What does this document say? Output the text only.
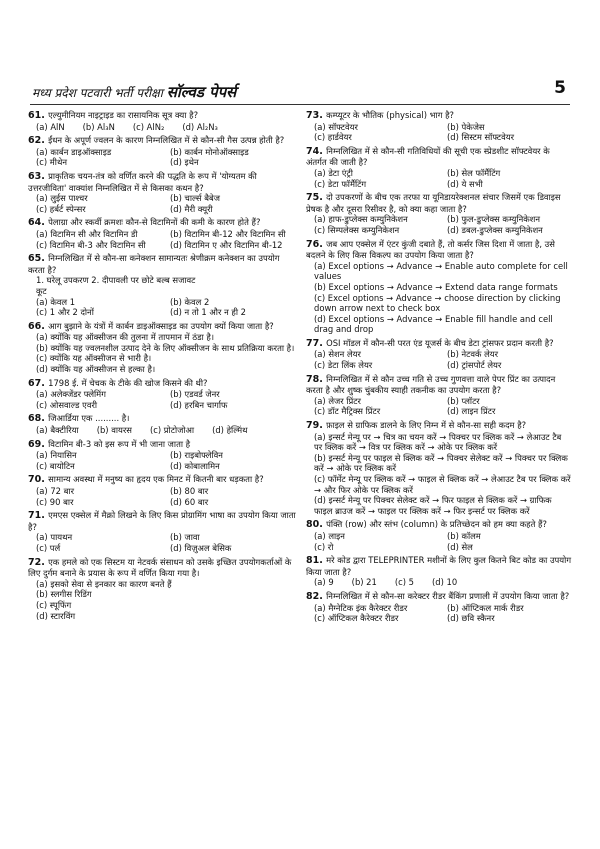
मध्य प्रदेश पटवारी भर्ती परीक्षा सॉल्वड पेपर्स	5
61. एल्युमीनियम नाइट्राइड का रासायनिक सूत्र क्या है?
(a) AlN	(b) Al₃N	(c) AlN₂	(d) Al₂N₃
62. ईंधन के अपूर्ण ज्वलन के कारण निम्नलिखित में से कौन-सी गैस उत्पन्न होती है?
(a) कार्बन डाइऑक्साइड	(b) कार्बन मोनोऑक्साइड
(c) मीथेन	(d) इथेन
63. प्राकृतिक चयन-तंत्र को वर्णित करने की पद्धति के रूप में 'योग्यतम की उत्तरजीविता' वाक्यांश निम्नलिखित में से किसका कथन है?
(a) लुईस पाश्चर	(b) चार्ल्स बैबेज
(c) हर्बर्ट स्पेन्सर	(d) मैरी क्यूरी
64. पेलाग्रा और स्कर्वी क्रमशः कौन-से विटामिनों की कमी के कारण होते हैं?
(a) विटामिन सी और विटामिन डी	(b) विटामिन बी-12 और विटामिन सी
(c) विटामिन बी-3 और विटामिन सी	(d) विटामिन ए और विटामिन बी-12
65. निम्नलिखित में से कौन-सा कनेक्शन सामान्यतः श्रेणीक्रम कनेक्शन का उपयोग करता है?
1. घरेलू उपकरण 2. दीपावली पर छोटे बल्ब सजावट
कूट
(a) केवल 1	(b) केवल 2
(c) 1 और 2 दोनों	(d) न तो 1 और न ही 2
66. आग बुझाने के यंत्रों में कार्बन डाइऑक्साइड का उपयोग क्यों किया जाता है?
(a) क्योंकि यह ऑक्सीजन की तुलना में तापमान में ठंडा है।
(b) क्योंकि यह ज्वलनशील उत्पाद देने के लिए ऑक्सीजन के साथ प्रतिक्रिया करता है।
(c) क्योंकि यह ऑक्सीजन से भारी है।
(d) क्योंकि यह ऑक्सीजन से हल्का है।
67. 1798 ई. में चेचक के टीके की खोज किसने की थी?
(a) अलेक्जेंडर फ्लेमिंग	(b) एडवर्ड जेनर
(c) ओसवाल्ड एवरी	(d) हरबिन चार्गाफ
68. जिआर्डिया एक ......... है।
(a) बैक्टीरिया	(b) वायरस	(c) प्रोटोजोआ	(d) हेल्मिंथ
69. विटामिन बी-3 को इस रूप में भी जाना जाता है
(a) नियासिन	(b) राइबोफ्लेविन
(c) बायोटिन	(d) कोबालामिन
70. सामान्य अवस्था में मनुष्य का हृदय एक मिनट में कितनी बार धड़कता है?
(a) 72 बार	(b) 80 बार
(c) 90 बार	(d) 60 बार
71. एमएस एक्सेल में मैक्रो लिखने के लिए किस प्रोग्रामिंग भाषा का उपयोग किया जाता है?
(a) पायथन	(b) जावा
(c) पर्ल	(d) विज़ुअल बेसिक
72. एक हमले को एक सिस्टम या नेटवर्क संसाधन को उसके इच्छित उपयोगकर्ताओं के लिए दुर्गम बनाने के प्रयास के रूप में वर्णित किया गया है।
(a) इसको सेवा से इनकार का कारण बनते हैं
(b) स्लगीस रिडिंग
(c) स्पूफिंग
(d) स्टारविंग
73. कम्प्यूटर के भौतिक (physical) भाग है?
(a) सॉफ्टवेयर	(b) पेकेजेस
(c) हार्डवेयर	(d) सिस्टम सॉफ्टवेयर
74. निम्नलिखित में से कौन-सी गतिविधियों की सूची एक स्प्रेडशीट सॉफ्टवेयर के अंतर्गत की जाती है?
(a) डेटा एंट्री	(b) सेल फॉर्मैटिंग
(c) डेटा फॉर्मैटिंग	(d) ये सभी
75. दो उपकरणों के बीच एक तरफा या यूनिडायरेक्शनल संचार जिसमें एक डिवाइस प्रेषक है और दूसरा रिसीवर है, को क्या कहा जाता है?
(a) हाफ-डुप्लेक्स कम्युनिकेशन	(b) फुल-डुप्लेक्स कम्युनिकेशन
(c) सिम्पलेक्स कम्युनिकेशन	(d) डबल-डुप्लेक्स कम्युनिकेशन
76. जब आप एक्सेल में एंटर कुंजी दबाते हैं, तो कर्सर जिस दिशा में जाता है, उसे बदलने के लिए किस विकल्प का उपयोग किया जाता है?
(a) Excel options → Advance → Enable auto complete for cell values
(b) Excel options → Advance → Extend data range formats
(c) Excel options → Advance → choose direction by clicking down arrow next to check box
(d) Excel options → Advance → Enable fill handle and cell drag and drop
77. OSI मॉडल में कौन-सी परत एंड यूजर्स के बीच डेटा ट्रांसफर प्रदान करती है?
(a) सेशन लेयर	(b) नेटवर्क लेयर
(c) डेटा लिंक लेयर	(d) ट्रांसपोर्ट लेयर
78. निम्नलिखित में से कौन उच्च गति से उच्च गुणवत्ता वाले पेपर प्रिंट का उत्पादन करता है और शुष्क चुंबकीय स्याही तकनीक का उपयोग करता है?
(a) लेजर प्रिंटर	(b) प्लॉटर
(c) डॉट मैट्रिक्स प्रिंटर	(d) लाइन प्रिंटर
79. फ़ाइल से ग्राफिक डालने के लिए निम्न में से कौन-सा सही कदम है?
(a) इन्सर्ट मेन्यू पर → चित्र का चयन करें → पिक्चर पर क्लिक करें → लेआउट टैब पर क्लिक करें → वित्र पर क्लिक करें → ओके पर क्लिक करें
(b) इन्सर्ट मेन्यू पर फाइल से क्लिक करें → पिक्चर सेलेक्ट करें → पिक्चर पर क्लिक करें → ओके पर क्लिक करें
(c) फॉर्मेट मेन्यू पर क्लिक करें → फाइल से क्लिक करें → लेआउट टैब पर क्लिक करें → और फिर ओके पर क्लिक करें
(d) इन्सर्ट मेन्यू पर पिक्चर सेलेक्ट करें → फिर फाइल से क्लिक करें → ग्राफिक फाइल ब्राउज करें → फाइल पर क्लिक करें → फिर इन्सर्ट पर क्लिक करें
80. पंक्ति (row) और स्तंभ (column) के प्रतिच्छेदन को हम क्या कहते हैं?
(a) लाइन	(b) कॉलम
(c) रो	(d) सेल
81. मरे कोड द्वारा TELEPRINTER मशीनों के लिए कुल कितने बिट कोड का उपयोग किया जाता है?
(a) 9	(b) 21	(c) 5	(d) 10
82. निम्नलिखित में से कौन-सा करेक्टर रीडर बैंकिंग प्रणाली में उपयोग किया जाता है?
(a) मैग्नेटिक इंक कैरेक्टर रीडर	(b) ऑप्टिकल मार्क रीडर
(c) ऑप्टिकल कैरेक्टर रीडर	(d) छवि स्कैनर
